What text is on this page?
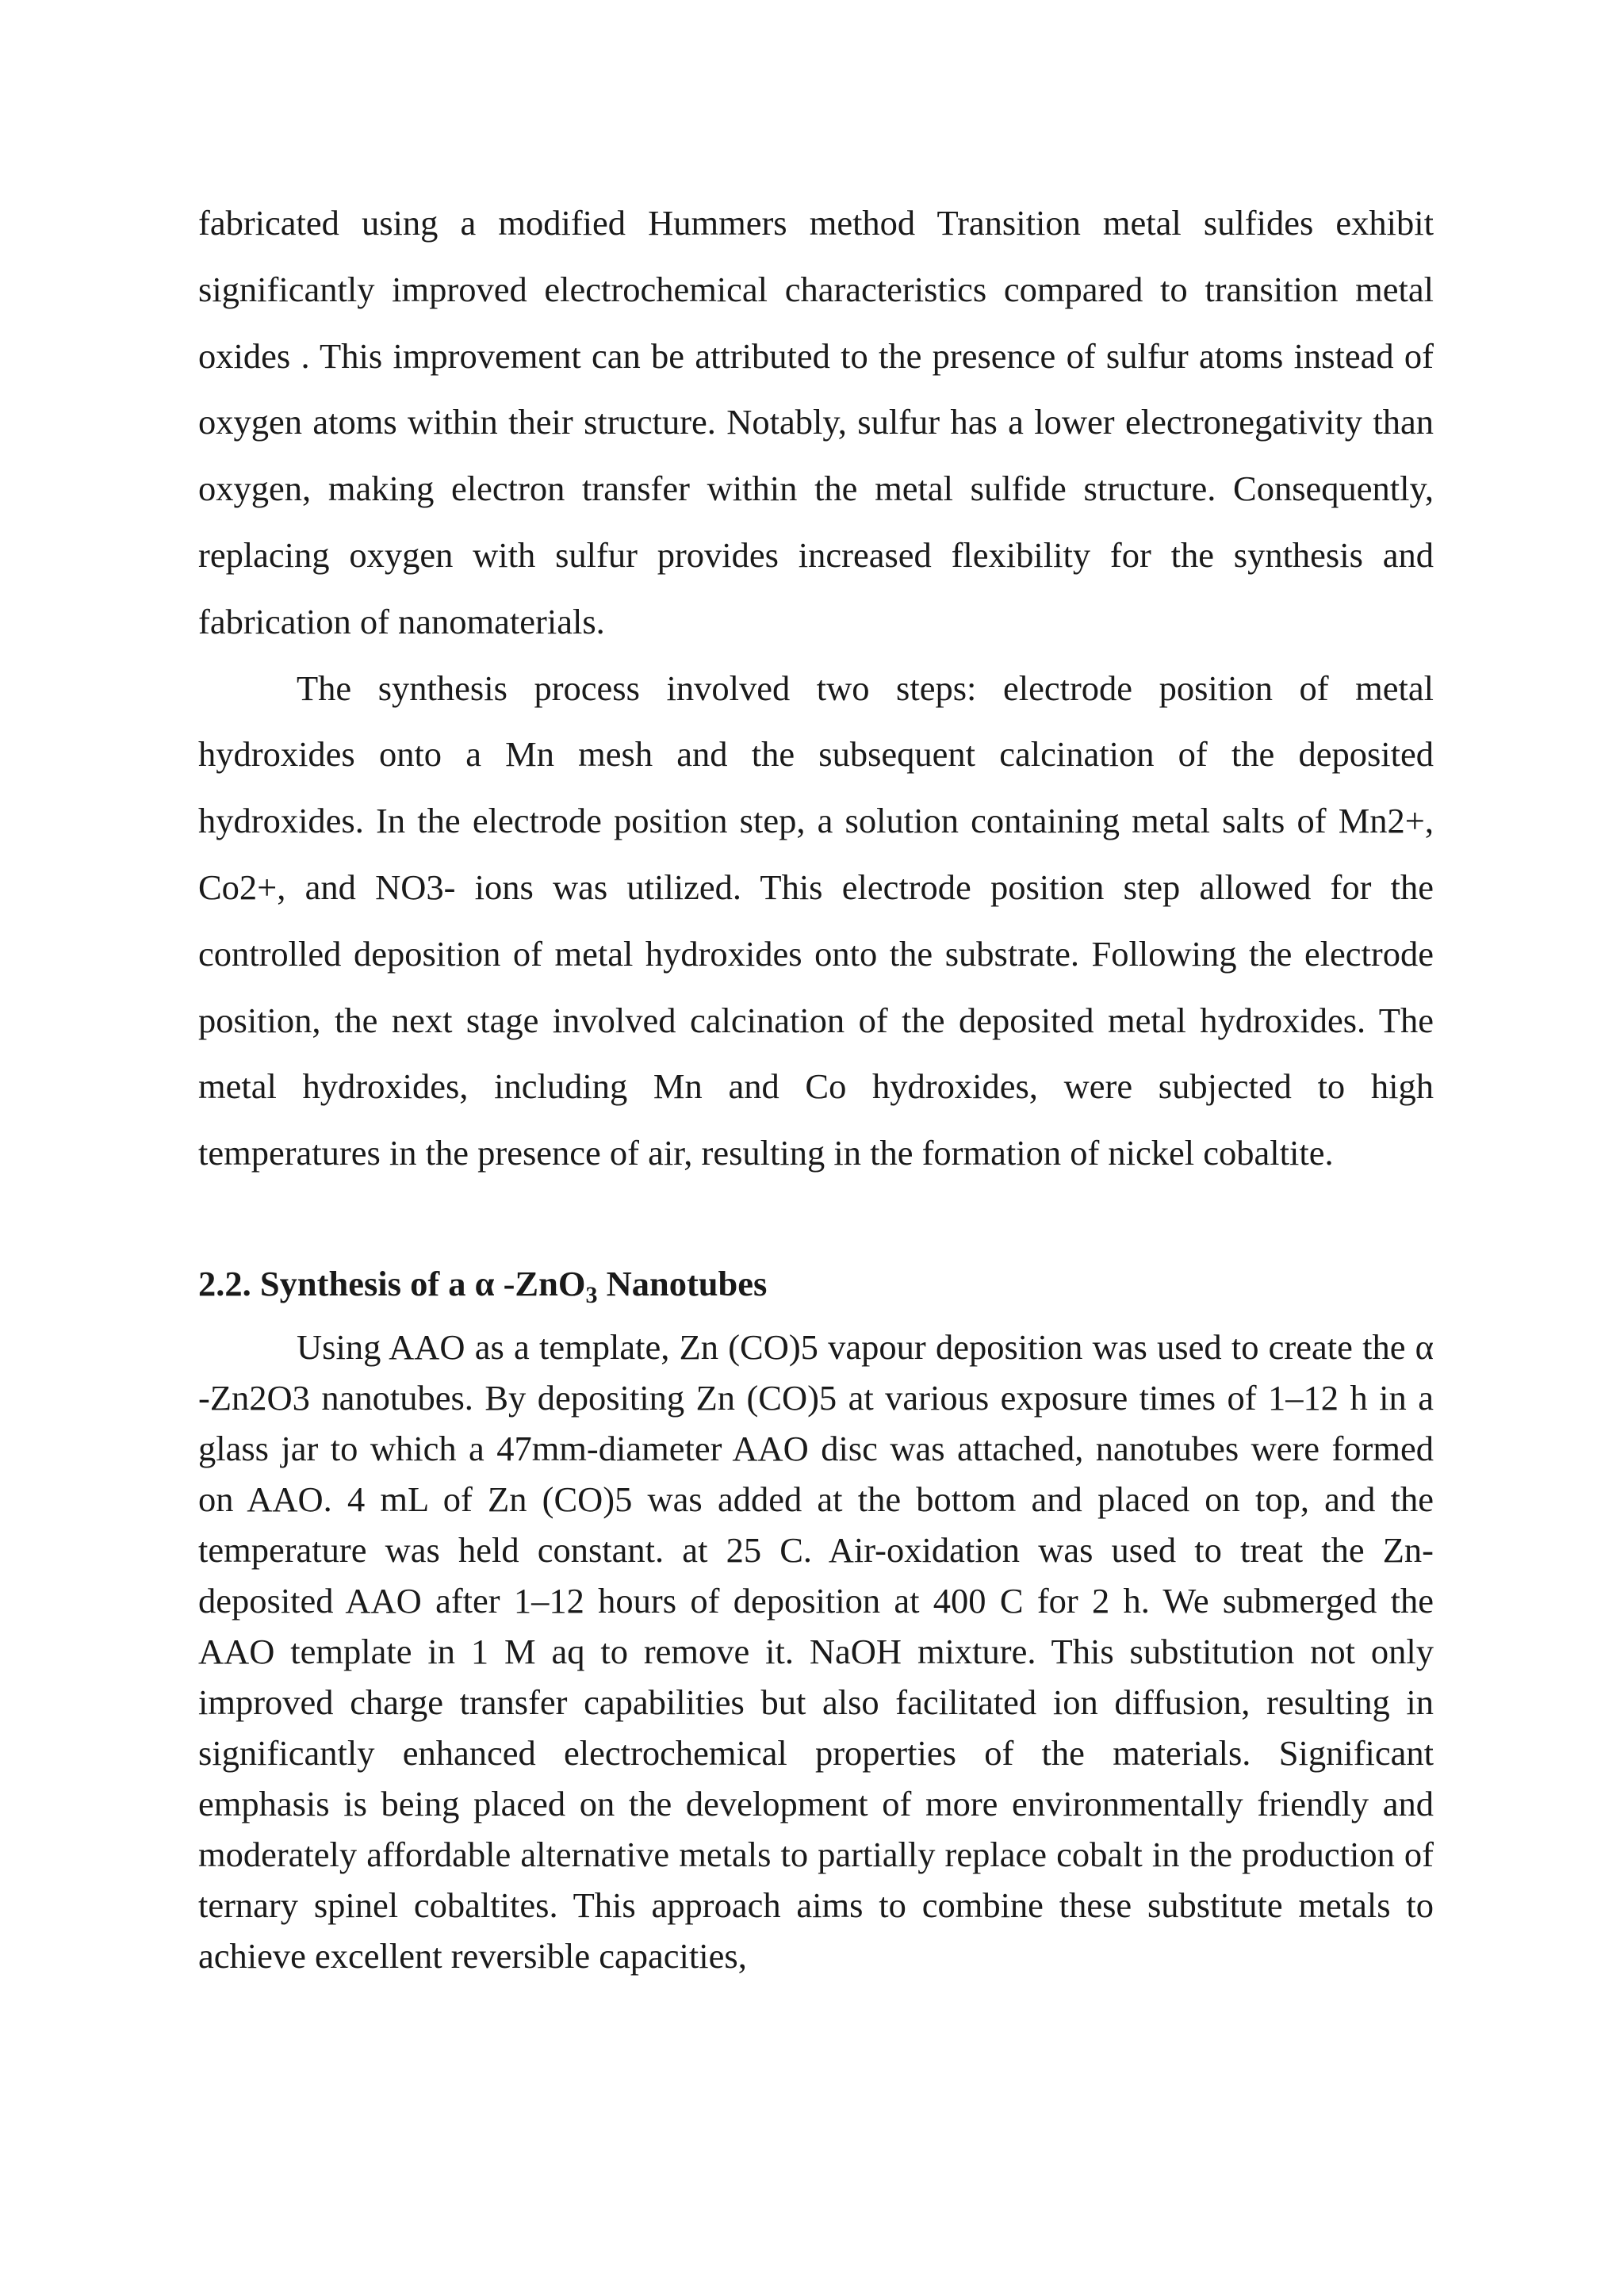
fabricated using a modified Hummers method Transition metal sulfides exhibit significantly improved electrochemical characteristics compared to transition metal oxides . This improvement can be attributed to the presence of sulfur atoms instead of oxygen atoms within their structure. Notably, sulfur has a lower electronegativity than oxygen, making electron transfer within the metal sulfide structure. Consequently, replacing oxygen with sulfur provides increased flexibility for the synthesis and fabrication of nanomaterials.

The synthesis process involved two steps: electrode position of metal hydroxides onto a Mn mesh and the subsequent calcination of the deposited hydroxides. In the electrode position step, a solution containing metal salts of Mn2+, Co2+, and NO3- ions was utilized. This electrode position step allowed for the controlled deposition of metal hydroxides onto the substrate. Following the electrode position, the next stage involved calcination of the deposited metal hydroxides. The metal hydroxides, including Mn and Co hydroxides, were subjected to high temperatures in the presence of air, resulting in the formation of nickel cobaltite.

2.2. Synthesis of a α -ZnO$_3$ Nanotubes

Using AAO as a template, Zn (CO)5 vapour deposition was used to create the α -Zn2O3 nanotubes. By depositing Zn (CO)5 at various exposure times of 1–12 h in a glass jar to which a 47mm-diameter AAO disc was attached, nanotubes were formed on AAO. 4 mL of Zn (CO)5 was added at the bottom and placed on top, and the temperature was held constant. at 25 C. Air-oxidation was used to treat the Zn-deposited AAO after 1–12 hours of deposition at 400 C for 2 h. We submerged the AAO template in 1 M aq to remove it. NaOH mixture. This substitution not only improved charge transfer capabilities but also facilitated ion diffusion, resulting in significantly enhanced electrochemical properties of the materials. Significant emphasis is being placed on the development of more environmentally friendly and moderately affordable alternative metals to partially replace cobalt in the production of ternary spinel cobaltites. This approach aims to combine these substitute metals to achieve excellent reversible capacities,
